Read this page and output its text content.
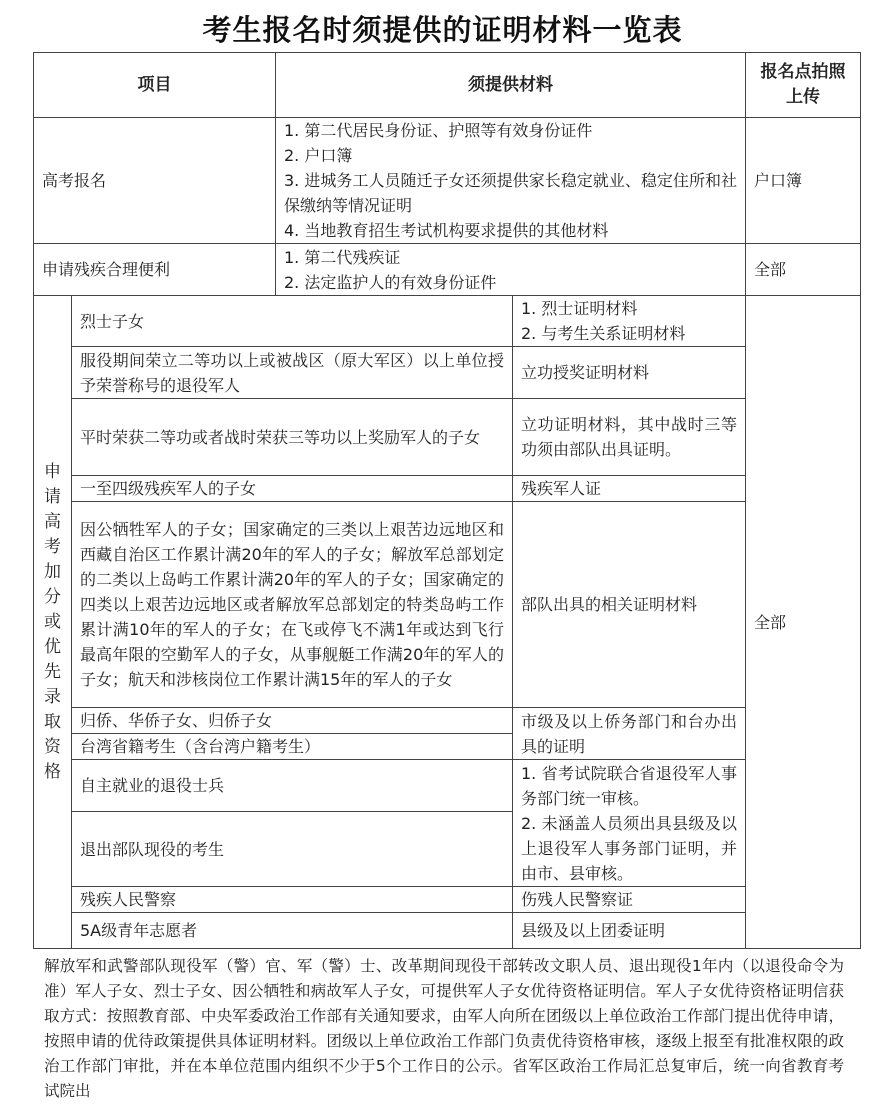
考生报名时须提供的证明材料一览表
项目		须提供材料		报名点拍照上传
高考报名		1. 第二代居民身份证、护照等有效身份证件
2. 户口簿
3. 进城务工人员随迁子女还须提供家长稳定就业、稳定住所和社保缴纳等情况证明
4. 当地教育招生考试机构要求提供的其他材料		户口簿
申请残疾合理便利		1. 第二代残疾证
2. 法定监护人的有效身份证件		全部

申请高考加分或优先录取资格	烈士子女		1. 烈士证明材料
2. 与考生关系证明材料	全部
	服役期间荣立二等功以上或被战区（原大军区）以上单位授予荣誉称号的退役军人		立功授奖证明材料	
	平时荣获二等功或者战时荣获三等功以上奖励军人的子女		立功证明材料，其中战时三等功须由部队出具证明。	
	一至四级残疾军人的子女		残疾军人证	
	因公牺牲军人的子女；国家确定的三类以上艰苦边远地区和西藏自治区工作累计满20年的军人的子女；解放军总部划定的二类以上岛屿工作累计满20年的军人的子女；国家确定的四类以上艰苦边远地区或者解放军总部划定的特类岛屿工作累计满10年的军人的子女；在飞或停飞不满1年或达到飞行最高年限的空勤军人的子女，从事舰艇工作满20年的军人的子女；航天和涉核岗位工作累计满15年的军人的子女		部队出具的相关证明材料	
	归侨、华侨子女、归侨子女		市级及以上侨务部门和台办出具的证明	
	台湾省籍考生（含台湾户籍考生）			
	自主就业的退役士兵		1. 省考试院联合省退役军人事务部门统一审核。
2. 未涵盖人员须出具县级及以上退役军人事务部门证明，并由市、县审核。	

	退出部队现役的考生			
	残疾人民警察		伤残人民警察证	
	5A级青年志愿者		县级及以上团委证明	
解放军和武警部队现役军（警）官、军（警）士、改革期间现役干部转改文职人员、退出现役1年内（以退役命令为准）军人子女、烈士子女、因公牺牲和病故军人子女，可提供军人子女优待资格证明信。军人子女优待资格证明信获取方式：按照教育部、中央军委政治工作部有关通知要求，由军人向所在团级以上单位政治工作部门提出优待申请，按照申请的优待政策提供具体证明材料。团级以上单位政治工作部门负责优待资格审核，逐级上报至有批准权限的政治工作部门审批，并在本单位范围内组织不少于5个工作日的公示。省军区政治工作局汇总复审后，统一向省教育考试院出
